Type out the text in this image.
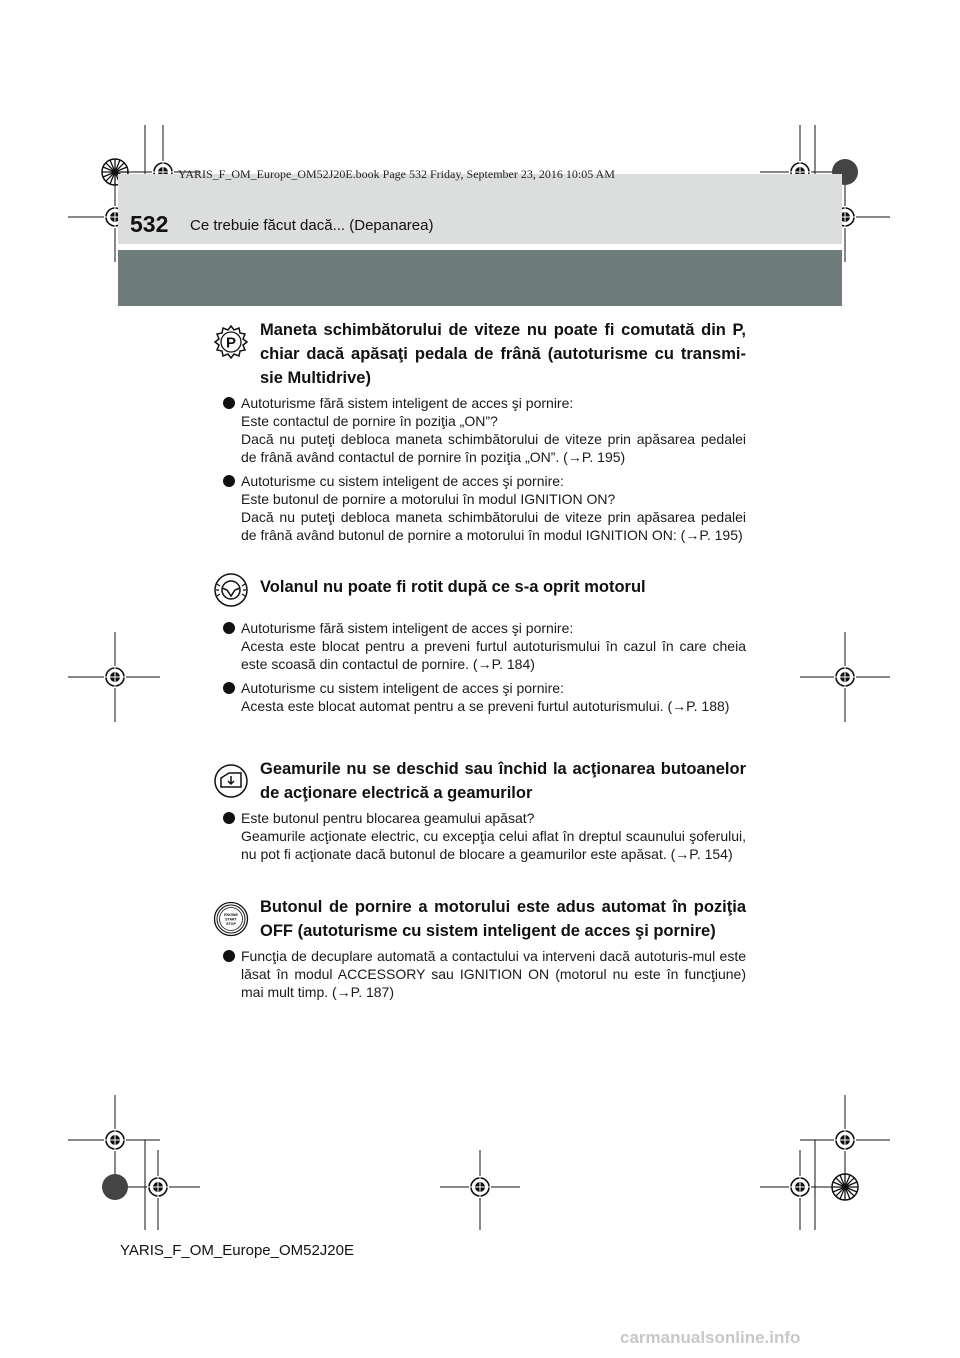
YARIS_F_OM_Europe_OM52J20E.book Page 532 Friday, September 23, 2016 10:05 AM
532 Ce trebuie făcut dacă... (Depanarea)
P
Maneta schimbătorului de viteze nu poate fi comutată din P, chiar dacă apăsaţi pedala de frână (autoturisme cu transmi-sie Multidrive)
Autoturisme fără sistem inteligent de acces şi pornire:
Este contactul de pornire în poziţia „ON”?
Dacă nu puteţi debloca maneta schimbătorului de viteze prin apăsarea pedalei de frână având contactul de pornire în poziţia „ON”. (→P. 195)
Autoturisme cu sistem inteligent de acces şi pornire:
Este butonul de pornire a motorului în modul IGNITION ON?
Dacă nu puteţi debloca maneta schimbătorului de viteze prin apăsarea pedalei de frână având butonul de pornire a motorului în modul IGNITION ON: (→P. 195)
Volanul nu poate fi rotit după ce s-a oprit motorul
Autoturisme fără sistem inteligent de acces şi pornire:
Acesta este blocat pentru a preveni furtul autoturismului în cazul în care cheia este scoasă din contactul de pornire. (→P. 184)
Autoturisme cu sistem inteligent de acces şi pornire:
Acesta este blocat automat pentru a se preveni furtul autoturismului. (→P. 188)
Geamurile nu se deschid sau închid la acţionarea butoanelor de acţionare electrică a geamurilor
Este butonul pentru blocarea geamului apăsat?
Geamurile acţionate electric, cu excepţia celui aflat în dreptul scaunului şoferului, nu pot fi acţionate dacă butonul de blocare a geamurilor este apăsat. (→P. 154)
ENGINE
START
STOP
Butonul de pornire a motorului este adus automat în poziţia OFF (autoturisme cu sistem inteligent de acces şi pornire)
Funcţia de decuplare automată a contactului va interveni dacă autoturis-mul este lăsat în modul ACCESSORY sau IGNITION ON (motorul nu este în funcţiune) mai mult timp. (→P. 187)
YARIS_F_OM_Europe_OM52J20E
carmanualsonline.info
